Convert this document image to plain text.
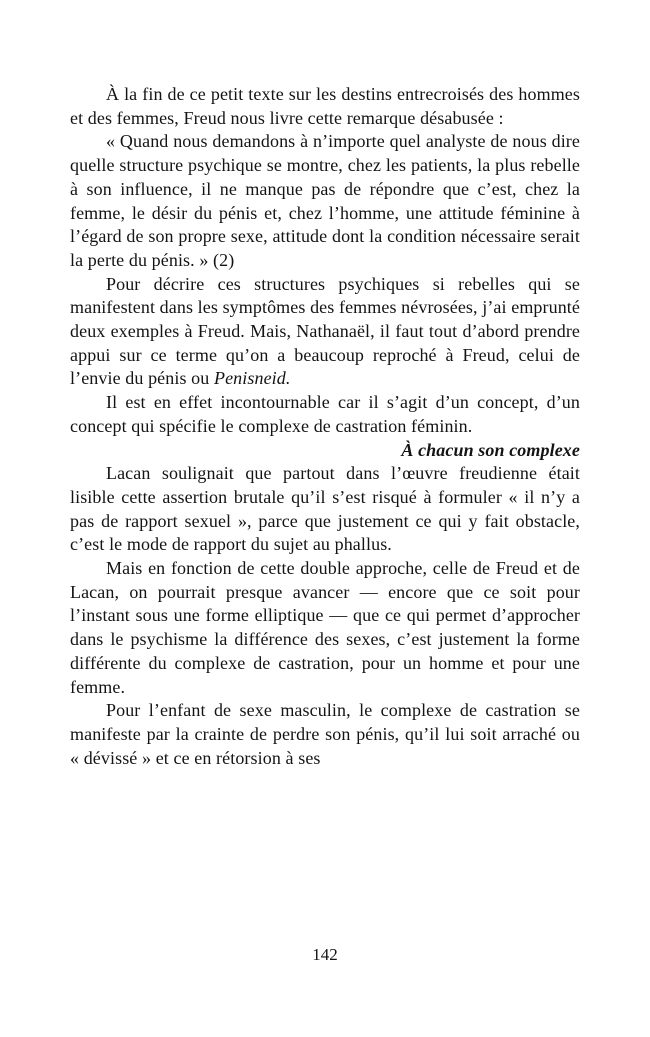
À la fin de ce petit texte sur les destins entrecroisés des hommes et des femmes, Freud nous livre cette remarque désabusée :

« Quand nous demandons à n’importe quel analyste de nous dire quelle structure psychique se montre, chez les patients, la plus rebelle à son influence, il ne manque pas de répondre que c’est, chez la femme, le désir du pénis et, chez l’homme, une attitude féminine à l’égard de son propre sexe, attitude dont la condition nécessaire serait la perte du pénis. » (2)

Pour décrire ces structures psychiques si rebelles qui se manifestent dans les symptômes des femmes névrosées, j’ai emprunté deux exemples à Freud. Mais, Nathanaël, il faut tout d’abord prendre appui sur ce terme qu’on a beaucoup reproché à Freud, celui de l’envie du pénis ou Penisneid.

Il est en effet incontournable car il s’agit d’un concept, d’un concept qui spécifie le complexe de castration féminin.

À chacun son complexe

Lacan soulignait que partout dans l’œuvre freudienne était lisible cette assertion brutale qu’il s’est risqué à formuler « il n’y a pas de rapport sexuel », parce que justement ce qui y fait obstacle, c’est le mode de rapport du sujet au phallus.

Mais en fonction de cette double approche, celle de Freud et de Lacan, on pourrait presque avancer — encore que ce soit pour l’instant sous une forme elliptique — que ce qui permet d’approcher dans le psychisme la différence des sexes, c’est justement la forme différente du complexe de castration, pour un homme et pour une femme.

Pour l’enfant de sexe masculin, le complexe de castration se manifeste par la crainte de perdre son pénis, qu’il lui soit arraché ou « dévissé » et ce en rétorsion à ses

142
